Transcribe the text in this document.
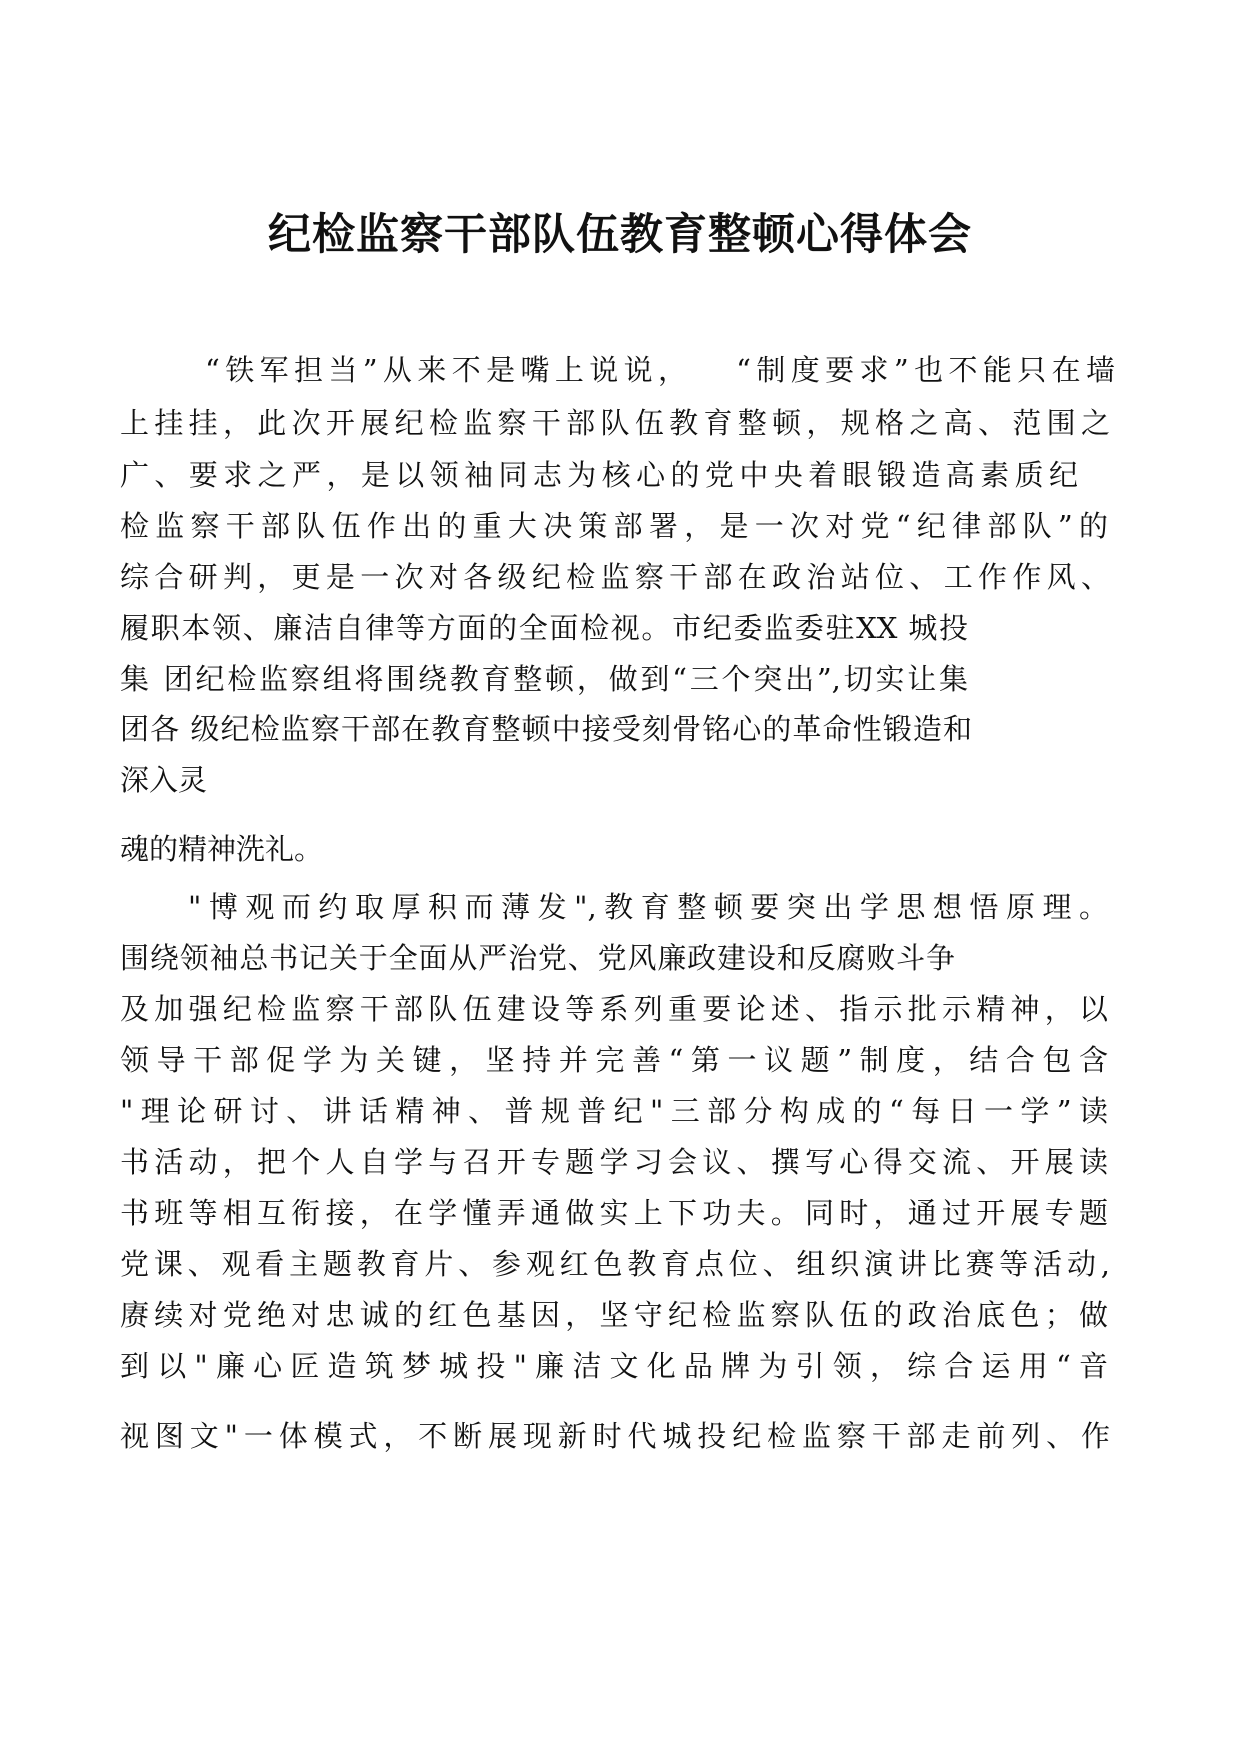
纪检监察干部队伍教育整顿心得体会
“铁军担当”从来不是嘴上说说，   “制度要求”也不能只在墙
上挂挂，此次开展纪检监察干部队伍教育整顿，规格之高、范围之
广、要求之严，是以领袖同志为核心的党中央着眼锻造高素质纪
检监察干部队伍作出的重大决策部署，是一次对党“纪律部队”的
综合研判，更是一次对各级纪检监察干部在政治站位、工作作风、
履职本领、廉洁自律等方面的全面检视。市纪委监委驻XX 城投
集 团纪检监察组将围绕教育整顿，做到“三个突出”,切实让集
团各 级纪检监察干部在教育整顿中接受刻骨铭心的革命性锻造和
深入灵
魂的精神洗礼。
"博观而约取厚积而薄发",教育整顿要突出学思想悟原理。
围绕领袖总书记关于全面从严治党、党风廉政建设和反腐败斗争
及加强纪检监察干部队伍建设等系列重要论述、指示批示精神，以
领导干部促学为关键，坚持并完善“第一议题”制度，结合包含
"理论研讨、讲话精神、普规普纪"三部分构成的“每日一学”读
书活动，把个人自学与召开专题学习会议、撰写心得交流、开展读
书班等相互衔接，在学懂弄通做实上下功夫。同时，通过开展专题
党课、观看主题教育片、参观红色教育点位、组织演讲比赛等活动,
赓续对党绝对忠诚的红色基因，坚守纪检监察队伍的政治底色；做
到以"廉心匠造筑梦城投"廉洁文化品牌为引领，综合运用“音
视图文"一体模式，不断展现新时代城投纪检监察干部走前列、作
